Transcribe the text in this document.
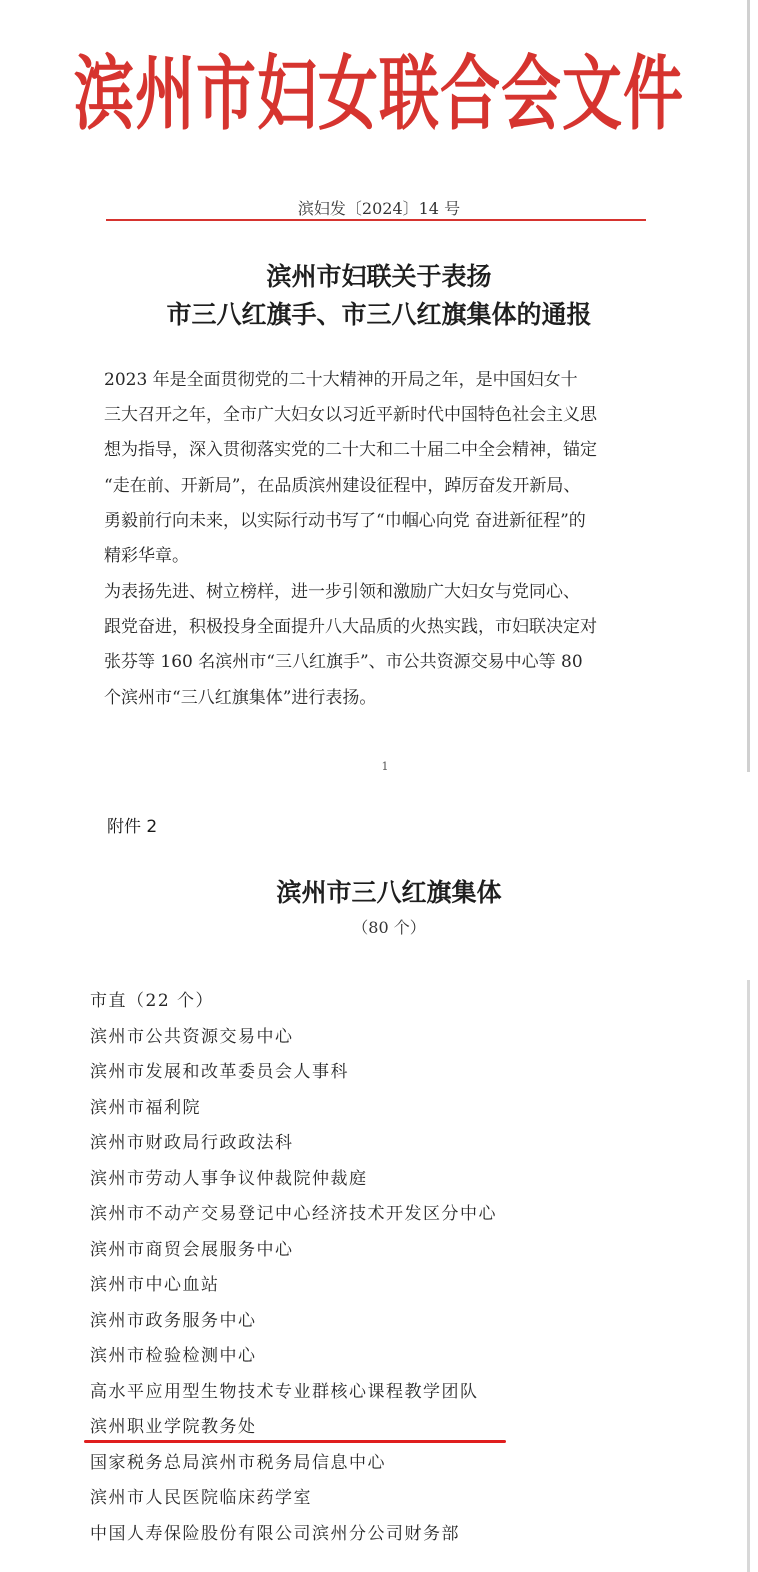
滨州市妇女联合会文件
滨妇发〔2024〕14 号
滨州市妇联关于表扬
市三八红旗手、市三八红旗集体的通报
2023 年是全面贯彻党的二十大精神的开局之年，是中国妇女十
三大召开之年，全市广大妇女以习近平新时代中国特色社会主义思
想为指导，深入贯彻落实党的二十大和二十届二中全会精神，锚定
“走在前、开新局”，在品质滨州建设征程中，踔厉奋发开新局、
勇毅前行向未来，以实际行动书写了“巾帼心向党 奋进新征程”的
精彩华章。
为表扬先进、树立榜样，进一步引领和激励广大妇女与党同心、
跟党奋进，积极投身全面提升八大品质的火热实践，市妇联决定对
张芬等 160 名滨州市“三八红旗手”、市公共资源交易中心等 80
个滨州市“三八红旗集体”进行表扬。
1
附件 2
滨州市三八红旗集体
（80 个）
市直（22 个）
滨州市公共资源交易中心
滨州市发展和改革委员会人事科
滨州市福利院
滨州市财政局行政政法科
滨州市劳动人事争议仲裁院仲裁庭
滨州市不动产交易登记中心经济技术开发区分中心
滨州市商贸会展服务中心
滨州市中心血站
滨州市政务服务中心
滨州市检验检测中心
高水平应用型生物技术专业群核心课程教学团队
滨州职业学院教务处
国家税务总局滨州市税务局信息中心
滨州市人民医院临床药学室
中国人寿保险股份有限公司滨州分公司财务部
